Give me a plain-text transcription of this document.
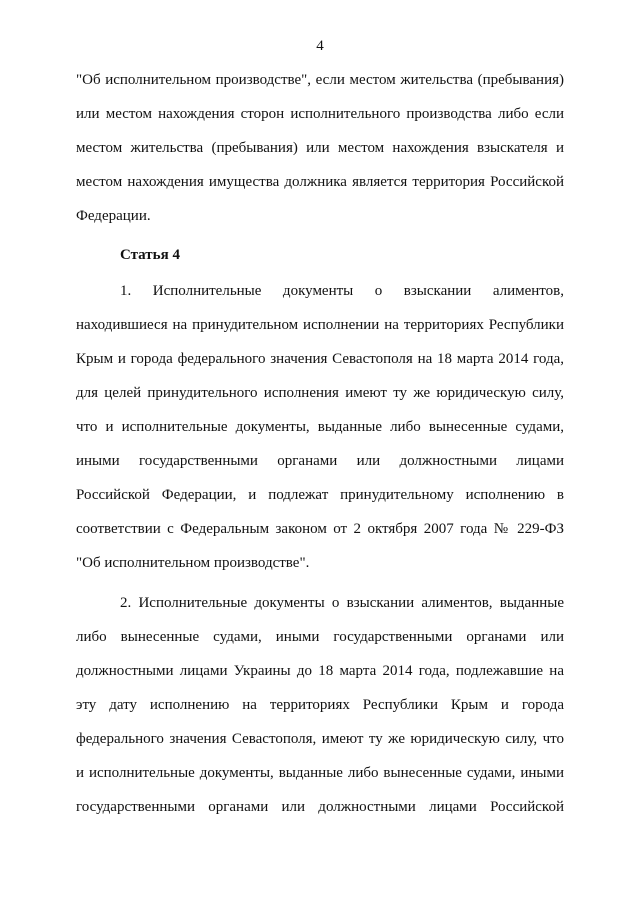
4
"Об исполнительном производстве", если местом жительства (пребывания)
или местом нахождения сторон исполнительного производства либо если
местом жительства (пребывания) или местом нахождения взыскателя и
местом нахождения имущества должника является территория Российской
Федерации.
Статья 4
1. Исполнительные документы о взыскании алиментов,
находившиеся на принудительном исполнении на территориях Республики
Крым и города федерального значения Севастополя на 18 марта 2014 года,
для целей принудительного исполнения имеют ту же юридическую силу,
что и исполнительные документы, выданные либо вынесенные судами,
иными государственными органами или должностными лицами
Российской Федерации, и подлежат принудительному исполнению в
соответствии с Федеральным законом от 2 октября 2007 года № 229-ФЗ
"Об исполнительном производстве".
2. Исполнительные документы о взыскании алиментов, выданные
либо вынесенные судами, иными государственными органами или
должностными лицами Украины до 18 марта 2014 года, подлежавшие на
эту дату исполнению на территориях Республики Крым и города
федерального значения Севастополя, имеют ту же юридическую силу, что
и исполнительные документы, выданные либо вынесенные судами, иными
государственными органами или должностными лицами Российской
